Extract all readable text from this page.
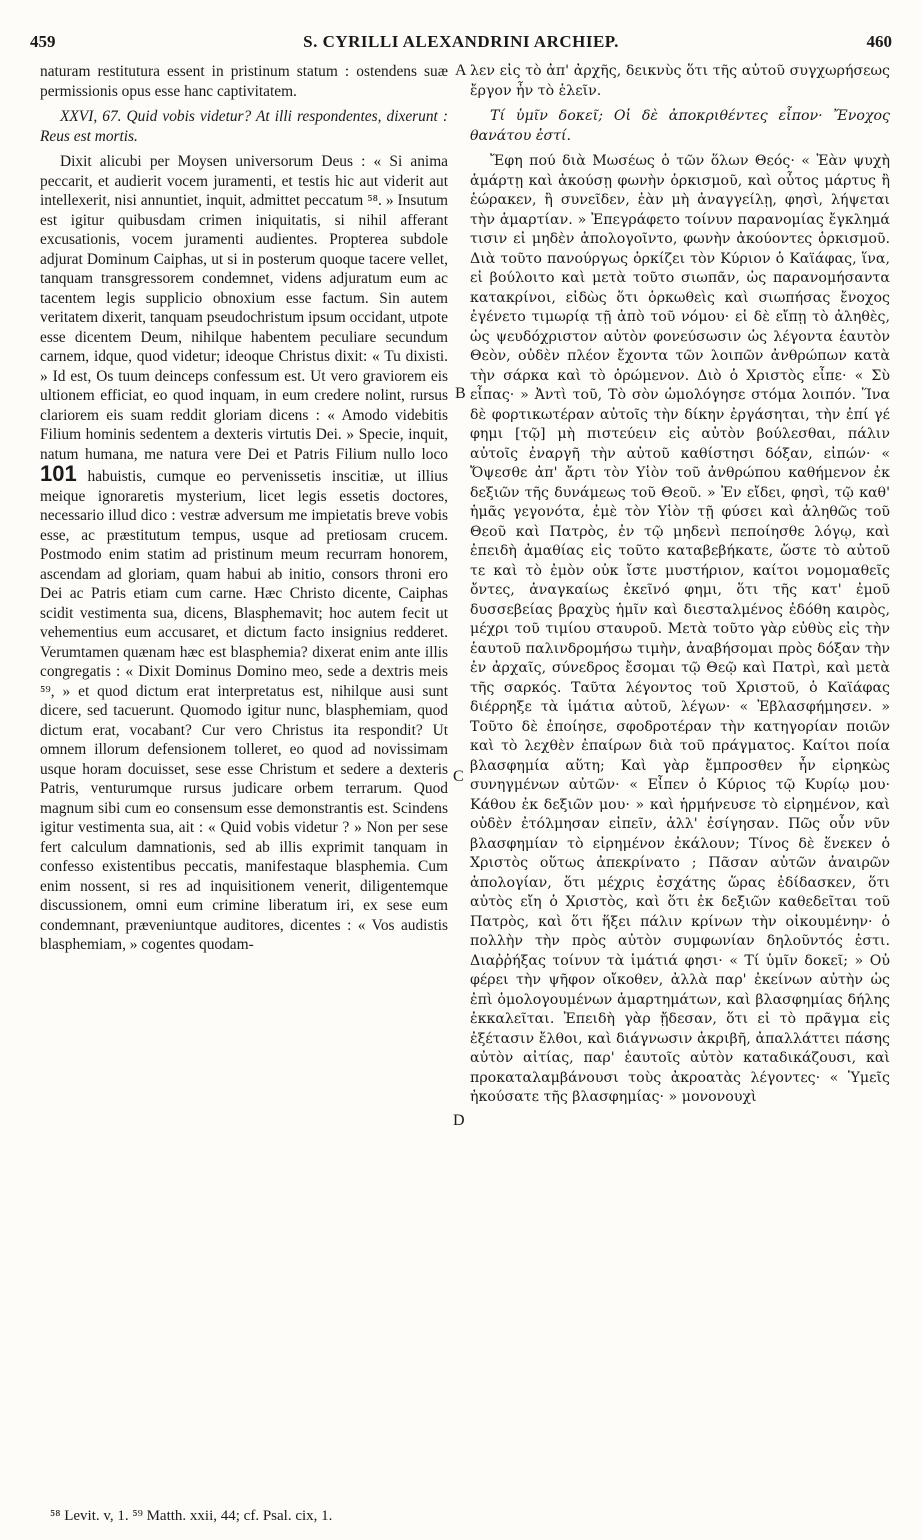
459	S. CYRILLI ALEXANDRINI ARCHIEP.	460

naturam restitutura essent in pristinum statum : ostendens suæ permissionis opus esse hanc captivitatem.

XXVI, 67. Quid vobis videtur? At illi respondentes, dixerunt : Reus est mortis.

Dixit alicubi per Moysen universorum Deus : « Si anima peccarit, et audierit vocem juramenti, et testis hic aut viderit aut intellexerit, nisi annuntiet, inquit, admittet peccatum ⁵⁸. » Insutum est igitur quibusdam crimen iniquitatis, si nihil afferant excusationis, vocem juramenti audientes. Propterea subdole adjurat Dominum Caiphas, ut si in posterum quoque tacere vellet, tanquam transgressorem condemnet, videns adjuratum eum ac tacentem legis supplicio obnoxium esse factum. Sin autem veritatem dixerit, tanquam pseudochristum ipsum occidant, utpote esse dicentem Deum, nihilque habentem peculiare secundum carnem, idque, quod videtur; ideoque Christus dixit: « Tu dixisti. » Id est, Os tuum deinceps confessum est. Ut vero graviorem eis ultionem efficiat, eo quod inquam, in eum credere nolint, rursus clariorem eis suam reddit gloriam dicens : « Amodo videbitis Filium hominis sedentem a dexteris virtutis Dei. » Specie, inquit, natum humana, me natura vere Dei et Patris Filium nullo loco 101 habuistis, cumque eo pervenissetis inscitiæ, ut illius meique ignoraretis mysterium, licet legis essetis doctores, necessario illud dico : vestræ adversum me impietatis breve vobis esse, ac præstitutum tempus, usque ad pretiosam crucem. Postmodo enim statim ad pristinum meum recurram honorem, ascendam ad gloriam, quam habui ab initio, consors throni ero Dei ac Patris etiam cum carne. Hæc Christo dicente, Caiphas scidit vestimenta sua, dicens, Blasphemavit; hoc autem fecit ut vehementius eum accusaret, et dictum facto insignius redderet. Verumtamen quænam hæc est blasphemia? dixerat enim ante illis congregatis : « Dixit Dominus Domino meo, sede a dextris meis ⁵⁹, » et quod dictum erat interpretatus est, nihilque ausi sunt dicere, sed tacuerunt. Quomodo igitur nunc, blasphemiam, quod dictum erat, vocabant? Cur vero Christus ita respondit? Ut omnem illorum defensionem tolleret, eo quod ad novissimam usque horam docuisset, sese esse Christum et sedere a dexteris Patris, venturumque rursus judicare orbem terrarum. Quod magnum sibi cum eo consensum esse demonstrantis est. Scindens igitur vestimenta sua, ait : « Quid vobis videtur ? » Non per sese fert calculum damnationis, sed ab illis exprimit tanquam in confesso existentibus peccatis, manifestaque blasphemia. Cum enim nossent, si res ad inquisitionem venerit, diligentemque discussionem, omni eum crimine liberatum iri, ex sese eum condemnant, præveniuntque auditores, dicentes : « Vos audistis blasphemiam, » cogentes quodam-

A
B
C
D

λεν εἰς τὸ ἀπ' ἀρχῆς, δεικνὺς ὅτι τῆς αὐτοῦ συγχωρήσεως ἔργον ἦν τὸ ἑλεῖν.

Τί ὑμῖν δοκεῖ; Οἱ δὲ ἀποκριθέντες εἶπον· Ἔνοχος θανάτου ἐστί.

Ἔφη πού διὰ Μωσέως ὁ τῶν ὅλων Θεός· « Ἐὰν ψυχὴ ἁμάρτῃ καὶ ἀκούσῃ φωνὴν ὁρκισμοῦ, καὶ οὗτος μάρτυς ἢ ἑώρακεν, ἢ συνεῖδεν, ἐὰν μὴ ἀναγγείλῃ, φησὶ, λήψεται τὴν ἁμαρτίαν. » Ἐπεγράφετο τοίνυν παρανομίας ἔγκλημά τισιν εἰ μηδὲν ἀπολογοῖντο, φωνὴν ἀκούοντες ὁρκισμοῦ. Διὰ τοῦτο πανούργως ὁρκίζει τὸν Κύριον ὁ Καϊάφας, ἵνα, εἰ βούλοιτο καὶ μετὰ τοῦτο σιωπᾶν, ὡς παρανομήσαντα κατακρίνοι, εἰδὼς ὅτι ὁρκωθεὶς καὶ σιωπήσας ἔνοχος ἐγένετο τιμωρίᾳ τῇ ἀπὸ τοῦ νόμου· εἰ δὲ εἴπῃ τὸ ἀληθὲς, ὡς ψευδόχριστον αὐτὸν φονεύσωσιν ὡς λέγοντα ἑαυτὸν Θεὸν, οὐδὲν πλέον ἔχοντα τῶν λοιπῶν ἀνθρώπων κατὰ τὴν σάρκα καὶ τὸ ὁρώμενον. Διὸ ὁ Χριστὸς εἶπε· « Σὺ εἶπας· » Ἀντὶ τοῦ, Τὸ σὸν ὡμολόγησε στόμα λοιπόν. Ἵνα δὲ φορτικωτέραν αὐτοῖς τὴν δίκην ἐργάσηται, τὴν ἐπί γέ φημι [τῷ] μὴ πιστεύειν εἰς αὐτὸν βούλεσθαι, πάλιν αὐτοῖς ἐναργῆ τὴν αὐτοῦ καθίστησι δόξαν, εἰπών· « Ὄψεσθε ἀπ' ἄρτι τὸν Υἱὸν τοῦ ἀνθρώπου καθήμενον ἐκ δεξιῶν τῆς δυνάμεως τοῦ Θεοῦ. » Ἐν εἴδει, φησὶ, τῷ καθ' ἡμᾶς γεγονότα, ἐμὲ τὸν Υἱὸν τῇ φύσει καὶ ἀληθῶς τοῦ Θεοῦ καὶ Πατρὸς, ἐν τῷ μηδενὶ πεποίησθε λόγῳ, καὶ ἐπειδὴ ἀμαθίας εἰς τοῦτο καταβεβήκατε, ὥστε τὸ αὐτοῦ τε καὶ τὸ ἐμὸν οὐκ ἴστε μυστήριον, καίτοι νομομαθεῖς ὄντες, ἀναγκαίως ἐκεῖνό φημι, ὅτι τῆς κατ' ἐμοῦ δυσσεβείας βραχὺς ἡμῖν καὶ διεσταλμένος ἐδόθη καιρὸς, μέχρι τοῦ τιμίου σταυροῦ. Μετὰ τοῦτο γὰρ εὐθὺς εἰς τὴν ἑαυτοῦ παλινδρομήσω τιμὴν, ἀναβήσομαι πρὸς δόξαν τὴν ἐν ἀρχαῖς, σύνεδρος ἔσομαι τῷ Θεῷ καὶ Πατρὶ, καὶ μετὰ τῆς σαρκός. Ταῦτα λέγοντος τοῦ Χριστοῦ, ὁ Καϊάφας διέρρηξε τὰ ἱμάτια αὐτοῦ, λέγων· « Ἐβλασφήμησεν. » Τοῦτο δὲ ἐποίησε, σφοδροτέραν τὴν κατηγορίαν ποιῶν καὶ τὸ λεχθὲν ἐπαίρων διὰ τοῦ πράγματος. Καίτοι ποία βλασφημία αὕτη; Καὶ γὰρ ἔμπροσθεν ἦν εἰρηκὼς συνηγμένων αὐτῶν· « Εἶπεν ὁ Κύριος τῷ Κυρίῳ μου· Κάθου ἐκ δεξιῶν μου· » καὶ ἡρμήνευσε τὸ εἰρημένον, καὶ οὐδὲν ἐτόλμησαν εἰπεῖν, ἀλλ' ἐσίγησαν. Πῶς οὖν νῦν βλασφημίαν τὸ εἰρημένον ἐκάλουν; Τίνος δὲ ἕνεκεν ὁ Χριστὸς οὕτως ἀπεκρίνατο ; Πᾶσαν αὐτῶν ἀναιρῶν ἀπολογίαν, ὅτι μέχρις ἐσχάτης ὥρας ἐδίδασκεν, ὅτι αὐτὸς εἴη ὁ Χριστὸς, καὶ ὅτι ἐκ δεξιῶν καθεδεῖται τοῦ Πατρὸς, καὶ ὅτι ἥξει πάλιν κρίνων τὴν οἰκουμένην· ὁ πολλὴν τὴν πρὸς αὐτὸν συμφωνίαν δηλοῦντός ἐστι. Διαῤῥήξας τοίνυν τὰ ἱμάτιά φησι· « Τί ὑμῖν δοκεῖ; » Οὐ φέρει τὴν ψῆφον οἴκοθεν, ἀλλὰ παρ' ἐκείνων αὐτὴν ὡς ἐπὶ ὁμολογουμένων ἁμαρτημάτων, καὶ βλασφημίας δήλης ἐκκαλεῖται. Ἐπειδὴ γὰρ ᾔδεσαν, ὅτι εἰ τὸ πρᾶγμα εἰς ἐξέτασιν ἔλθοι, καὶ διάγνωσιν ἀκριβῆ, ἀπαλλάττει πάσης αὐτὸν αἰτίας, παρ' ἑαυτοῖς αὐτὸν καταδικάζουσι, καὶ προκαταλαμβάνουσι τοὺς ἀκροατὰς λέγοντες· « Ὑμεῖς ἠκούσατε τῆς βλασφημίας· » μονονουχὶ

⁵⁸ Levit. v, 1. ⁵⁹ Matth. xxii, 44; cf. Psal. cix, 1.
